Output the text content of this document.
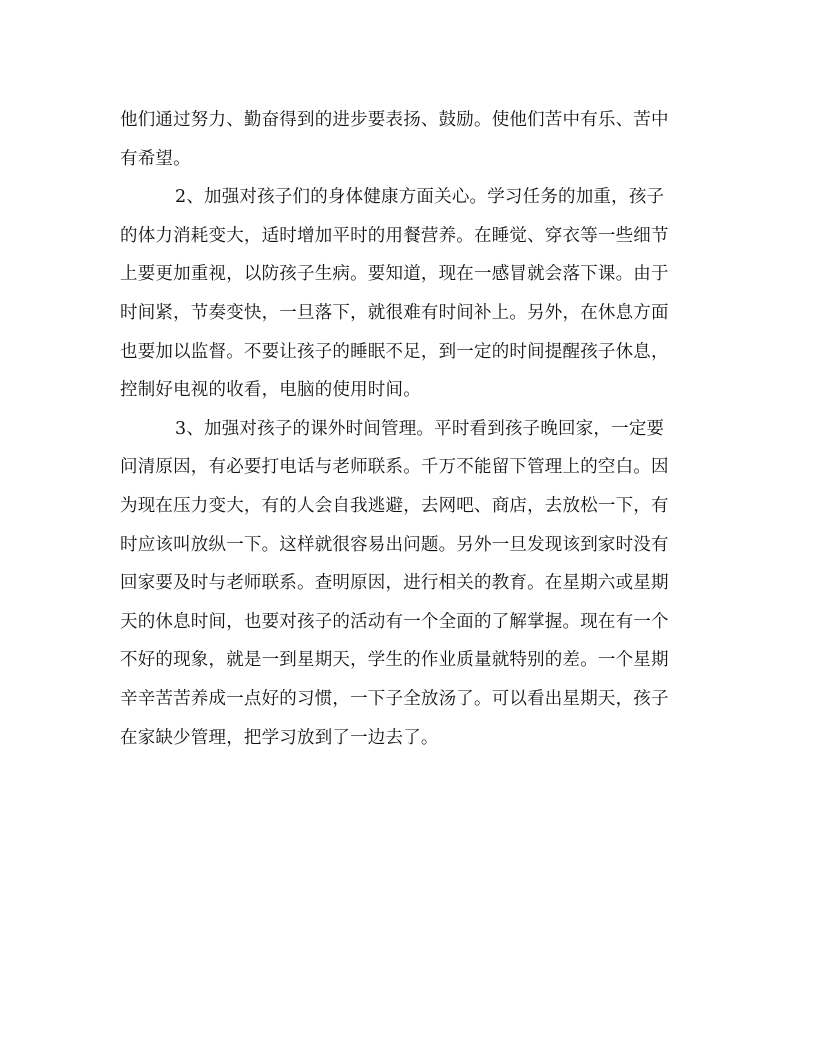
他们通过努力、勤奋得到的进步要表扬、鼓励。使他们苦中有乐、苦中
有希望。
2、加强对孩子们的身体健康方面关心。学习任务的加重，孩子
的体力消耗变大，适时增加平时的用餐营养。在睡觉、穿衣等一些细节
上要更加重视，以防孩子生病。要知道，现在一感冒就会落下课。由于
时间紧，节奏变快，一旦落下，就很难有时间补上。另外，在休息方面
也要加以监督。不要让孩子的睡眠不足，到一定的时间提醒孩子休息，
控制好电视的收看，电脑的使用时间。
3、加强对孩子的课外时间管理。平时看到孩子晚回家，一定要
问清原因，有必要打电话与老师联系。千万不能留下管理上的空白。因
为现在压力变大，有的人会自我逃避，去网吧、商店，去放松一下，有
时应该叫放纵一下。这样就很容易出问题。另外一旦发现该到家时没有
回家要及时与老师联系。查明原因，进行相关的教育。在星期六或星期
天的休息时间，也要对孩子的活动有一个全面的了解掌握。现在有一个
不好的现象，就是一到星期天，学生的作业质量就特别的差。一个星期
辛辛苦苦养成一点好的习惯，一下子全放汤了。可以看出星期天，孩子
在家缺少管理，把学习放到了一边去了。
